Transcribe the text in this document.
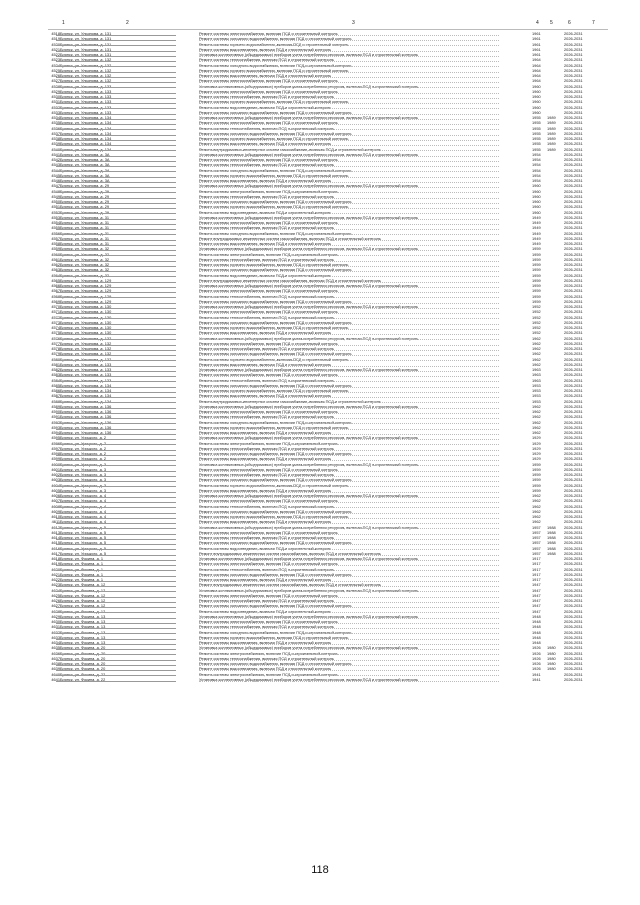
1	2	3	4 5	6	7
4518 Брянск, ул. Ульянова, д. 131	Ремонт системы электроснабжения, включая ПСД и строительный контроль	1961	2026-2031
4519 Брянск, ул. Ульянова, д. 131	Ремонт системы холодного водоснабжения, включая ПСД и строительный контроль	1961	2026-2031
4520 Брянск, ул. Ульянова, д. 131	Ремонт системы горячего водоснабжения, включая ПСД и строительный контроль	1961	2026-2031
4521 Брянск, ул. Ульянова, д. 131	Ремонт системы водоотведения, включая ПСД и строительный контроль	1961	2026-2031
4522 Брянск, ул. Ульянова, д. 131	Установка коллективных (общедомовых) приборов учета потребления ресурсов, включая ПСД и строительный контроль	1961	2026-2031
4523 Брянск, ул. Ульянова, д. 132	Ремонт системы теплоснабжения, включая ПСД и строительный контроль	1964	2026-2031
4524 Брянск, ул. Ульянова, д. 132	Ремонт системы холодного водоснабжения, включая ПСД и строительный контроль	1964	2026-2031
4525 Брянск, ул. Ульянова, д. 132	Ремонт системы горячего водоснабжения, включая ПСД и строительный контроль	1964	2026-2031
4526 Брянск, ул. Ульянова, д. 132	Ремонт системы водоотведения, включая ПСД и строительный контроль	1964	2026-2031
4527 Брянск, ул. Ульянова, д. 132	Ремонт системы электроснабжения, включая ПСД и строительный контроль	1964	2026-2031
4528 Брянск, ул. Ульянова, д. 133	Установка коллективных (общедомовых) приборов учета потребления ресурсов, включая ПСД и строительный контроль	1960	2026-2031
4529 Брянск, ул. Ульянова, д. 133	Ремонт системы электроснабжения, включая ПСД и строительный контроль	1960	2026-2031
4530 Брянск, ул. Ульянова, д. 133	Ремонт системы теплоснабжения, включая ПСД и строительный контроль	1960	2026-2031
4531 Брянск, ул. Ульянова, д. 133	Ремонт системы горячего водоснабжения, включая ПСД и строительный контроль	1960	2026-2031
4532 Брянск, ул. Ульянова, д. 133	Ремонт системы водоотведения, включая ПСД и строительный контроль	1960	2026-2031
4533 Брянск, ул. Ульянова, д. 133	Ремонт системы холодного водоснабжения, включая ПСД и строительный контроль	1960	2026-2031
4534 Брянск, ул. Ульянова, д. 134	Установка коллективных (общедомовых) приборов учета потребления ресурсов, включая ПСД и строительный контроль	1955	1989	2026-2031
4535 Брянск, ул. Ульянова, д. 134	Ремонт системы электроснабжения, включая ПСД и строительный контроль	1955	1989	2026-2031
4536 Брянск, ул. Ульянова, д. 134	Ремонт системы теплоснабжения, включая ПСД и строительный контроль	1955	1989	2026-2031
4537 Брянск, ул. Ульянова, д. 134	Ремонт системы холодного водоснабжения, включая ПСД и строительный контроль	1955	1989	2026-2031
4538 Брянск, ул. Ульянова, д. 134	Ремонт системы горячего водоснабжения, включая ПСД и строительный контроль	1955	1989	2026-2031
4539 Брянск, ул. Ульянова, д. 134	Ремонт системы водоотведения, включая ПСД и строительный контроль	1955	1989	2026-2031
4540 Брянск, ул. Ульянова, д. 134	Ремонт внутридомовых инженерных систем газоснабжения, включая ПСД и строительный контроль	1955	1989	2026-2031
4541 Брянск, ул. Ульянова, д. 3А	Установка коллективных (общедомовых) приборов учета потребления ресурсов, включая ПСД и строительный контроль	1954	2026-2031
4542 Брянск, ул. Ульянова, д. 3А	Ремонт системы электроснабжения, включая ПСД и строительный контроль	1954	2026-2031
4543 Брянск, ул. Ульянова, д. 3А	Ремонт системы теплоснабжения, включая ПСД и строительный контроль	1954	2026-2031
4544 Брянск, ул. Ульянова, д. 3А	Ремонт системы холодного водоснабжения, включая ПСД и строительный контроль	1954	2026-2031
4545 Брянск, ул. Ульянова, д. 3А	Ремонт системы горячего водоснабжения, включая ПСД и строительный контроль	1954	2026-2031
4546 Брянск, ул. Ульянова, д. 3А	Ремонт системы водоотведения, включая ПСД и строительный контроль	1954	2026-2031
4547 Брянск, ул. Ульянова, д. 29	Установка коллективных (общедомовых) приборов учета потребления ресурсов, включая ПСД и строительный контроль	1960	2026-2031
4548 Брянск, ул. Ульянова, д. 29	Ремонт системы электроснабжения, включая ПСД и строительный контроль	1960	2026-2031
4549 Брянск, ул. Ульянова, д. 29	Ремонт системы теплоснабжения, включая ПСД и строительный контроль	1960	2026-2031
4550 Брянск, ул. Ульянова, д. 29	Ремонт системы холодного водоснабжения, включая ПСД и строительный контроль	1960	2026-2031
4551 Брянск, ул. Ульянова, д. 29	Ремонт системы горячего водоснабжения, включая ПСД и строительный контроль	1960	2026-2031
4552 Брянск, ул. Ульянова, д. 29	Ремонт системы водоотведения, включая ПСД и строительный контроль	1960	2026-2031
4553 Брянск, ул. Ульянова, д. 31	Установка коллективных (общедомовых) приборов учета потребления ресурсов, включая ПСД и строительный контроль	1949	2026-2031
4554 Брянск, ул. Ульянова, д. 31	Ремонт системы электроснабжения, включая ПСД и строительный контроль	1949	2026-2031
4555 Брянск, ул. Ульянова, д. 31	Ремонт системы теплоснабжения, включая ПСД и строительный контроль	1949	2026-2031
4556 Брянск, ул. Ульянова, д. 31	Ремонт системы холодного водоснабжения, включая ПСД и строительный контроль	1949	2026-2031
4557 Брянск, ул. Ульянова, д. 31	Ремонт внутридомовых инженерных систем газоснабжения, включая ПСД и строительный контроль	1949	2026-2031
4558 Брянск, ул. Ульянова, д. 31	Ремонт системы водоотведения, включая ПСД и строительный контроль	1949	2026-2031
4559 Брянск, ул. Ульянова, д. 32	Установка коллективных (общедомовых) приборов учета потребления ресурсов, включая ПСД и строительный контроль	1959	2026-2031
4560 Брянск, ул. Ульянова, д. 32	Ремонт системы электроснабжения, включая ПСД и строительный контроль	1959	2026-2031
4561 Брянск, ул. Ульянова, д. 32	Ремонт системы теплоснабжения, включая ПСД и строительный контроль	1959	2026-2031
4562 Брянск, ул. Ульянова, д. 32	Ремонт системы горячего водоснабжения, включая ПСД и строительный контроль	1959	2026-2031
4563 Брянск, ул. Ульянова, д. 32	Ремонт системы холодного водоснабжения, включая ПСД и строительный контроль	1959	2026-2031
4564 Брянск, ул. Ульянова, д. 32	Ремонт системы водоотведения, включая ПСД и строительный контроль	1959	2026-2031
4565 Брянск, ул. Ульянова, д. 129	Ремонт внутридомовых инженерных систем газоснабжения, включая ПСД и строительный контроль	1959	2026-2031
4566 Брянск, ул. Ульянова, д. 129	Установка коллективных (общедомовых) приборов учета потребления ресурсов, включая ПСД и строительный контроль	1959	2026-2031
4567 Брянск, ул. Ульянова, д. 129	Ремонт системы электроснабжения, включая ПСД и строительный контроль	1959	2026-2031
4568 Брянск, ул. Ульянова, д. 129	Ремонт системы теплоснабжения, включая ПСД и строительный контроль	1959	2026-2031
4569 Брянск, ул. Ульянова, д. 129	Ремонт системы холодного водоснабжения, включая ПСД и строительный контроль	1959	2026-2031
4570 Брянск, ул. Ульянова, д. 130	Установка коллективных (общедомовых) приборов учета потребления ресурсов, включая ПСД и строительный контроль	1952	2026-2031
4571 Брянск, ул. Ульянова, д. 130	Ремонт системы электроснабжения, включая ПСД и строительный контроль	1952	2026-2031
4572 Брянск, ул. Ульянова, д. 130	Ремонт системы теплоснабжения, включая ПСД и строительный контроль	1952	2026-2031
4573 Брянск, ул. Ульянова, д. 130	Ремонт системы холодного водоснабжения, включая ПСД и строительный контроль	1952	2026-2031
4574 Брянск, ул. Ульянова, д. 130	Ремонт системы горячего водоснабжения, включая ПСД и строительный контроль	1952	2026-2031
4575 Брянск, ул. Ульянова, д. 130	Ремонт системы водоотведения, включая ПСД и строительный контроль	1952	2026-2031
4576 Брянск, ул. Ульянова, д. 132	Установка коллективных (общедомовых) приборов учета потребления ресурсов, включая ПСД и строительный контроль	1962	2026-2031
4577 Брянск, ул. Ульянова, д. 132	Ремонт системы электроснабжения, включая ПСД и строительный контроль	1962	2026-2031
4578 Брянск, ул. Ульянова, д. 132	Ремонт системы теплоснабжения, включая ПСД и строительный контроль	1962	2026-2031
4579 Брянск, ул. Ульянова, д. 132	Ремонт системы холодного водоснабжения, включая ПСД и строительный контроль	1962	2026-2031
4580 Брянск, ул. Ульянова, д. 132	Ремонт системы горячего водоснабжения, включая ПСД и строительный контроль	1962	2026-2031
4581 Брянск, ул. Ульянова, д. 133	Ремонт системы водоотведения, включая ПСД и строительный контроль	1962	2026-2031
4582 Брянск, ул. Ульянова, д. 133	Установка коллективных (общедомовых) приборов учета потребления ресурсов, включая ПСД и строительный контроль	1963	2026-2031
4583 Брянск, ул. Ульянова, д. 133	Ремонт системы электроснабжения, включая ПСД и строительный контроль	1963	2026-2031
4584 Брянск, ул. Ульянова, д. 133	Ремонт системы теплоснабжения, включая ПСД и строительный контроль	1963	2026-2031
4585 Брянск, ул. Ульянова, д. 134	Ремонт системы холодного водоснабжения, включая ПСД и строительный контроль	1953	2026-2031
4586 Брянск, ул. Ульянова, д. 134	Ремонт системы горячего водоснабжения, включая ПСД и строительный контроль	1953	2026-2031
4587 Брянск, ул. Ульянова, д. 134	Ремонт системы водоотведения, включая ПСД и строительный контроль	1953	2026-2031
4588 Брянск, ул. Ульянова, д. 134	Ремонт внутридомовых инженерных систем газоснабжения, включая ПСД и строительный контроль	1953	2026-2031
4589 Брянск, ул. Ульянова, д. 136	Установка коллективных (общедомовых) приборов учета потребления ресурсов, включая ПСД и строительный контроль	1962	2026-2031
4590 Брянск, ул. Ульянова, д. 136	Ремонт системы электроснабжения, включая ПСД и строительный контроль	1962	2026-2031
4591 Брянск, ул. Ульянова, д. 136	Ремонт системы теплоснабжения, включая ПСД и строительный контроль	1962	2026-2031
4592 Брянск, ул. Ульянова, д. 136	Ремонт системы холодного водоснабжения, включая ПСД и строительный контроль	1962	2026-2031
4593 Брянск, ул. Ульянова, д. 136	Ремонт системы горячего водоснабжения, включая ПСД и строительный контроль	1962	2026-2031
4594 Брянск, ул. Ульянова, д. 136	Ремонт системы водоотведения, включая ПСД и строительный контроль	1962	2026-2031
4595 Брянск, ул. Урицкого, д. 2	Установка коллективных (общедомовых) приборов учета потребления ресурсов, включая ПСД и строительный контроль	1929	2026-2031
4596 Брянск, ул. Урицкого, д. 2	Ремонт системы электроснабжения, включая ПСД и строительный контроль	1929	2026-2031
4597 Брянск, ул. Урицкого, д. 2	Ремонт системы теплоснабжения, включая ПСД и строительный контроль	1929	2026-2031
4598 Брянск, ул. Урицкого, д. 2	Ремонт системы холодного водоснабжения, включая ПСД и строительный контроль	1929	2026-2031
4599 Брянск, ул. Урицкого, д. 2	Ремонт системы водоотведения, включая ПСД и строительный контроль	1929	2026-2031
4600 Брянск, ул. Урицкого, д. 3	Установка коллективных (общедомовых) приборов учета потребления ресурсов, включая ПСД и строительный контроль	1959	2026-2031
4601 Брянск, ул. Урицкого, д. 3	Ремонт системы электроснабжения, включая ПСД и строительный контроль	1959	2026-2031
4602 Брянск, ул. Урицкого, д. 3	Ремонт системы теплоснабжения, включая ПСД и строительный контроль	1959	2026-2031
4603 Брянск, ул. Урицкого, д. 3	Ремонт системы холодного водоснабжения, включая ПСД и строительный контроль	1959	2026-2031
4604 Брянск, ул. Урицкого, д. 3	Ремонт системы горячего водоснабжения, включая ПСД и строительный контроль	1959	2026-2031
4605 Брянск, ул. Урицкого, д. 3	Ремонт системы водоотведения, включая ПСД и строительный контроль	1959	2026-2031
4606 Брянск, ул. Урицкого, д. 4	Установка коллективных (общедомовых) приборов учета потребления ресурсов, включая ПСД и строительный контроль	1962	2026-2031
4607 Брянск, ул. Урицкого, д. 4	Ремонт системы электроснабжения, включая ПСД и строительный контроль	1962	2026-2031
4608 Брянск, ул. Урицкого, д. 4	Ремонт системы теплоснабжения, включая ПСД и строительный контроль	1962	2026-2031
4609 Брянск, ул. Урицкого, д. 4	Ремонт системы холодного водоснабжения, включая ПСД и строительный контроль	1962	2026-2031
4610 Брянск, ул. Урицкого, д. 4	Ремонт системы горячего водоснабжения, включая ПСД и строительный контроль	1962	2026-2031
4611 Брянск, ул. Урицкого, д. 4	Ремонт системы водоотведения, включая ПСД и строительный контроль	1962	2026-2031
4612 Брянск, ул. Урицкого, д. 5	Установка коллективных (общедомовых) приборов учета потребления ресурсов, включая ПСД и строительный контроль	1957	1988	2026-2031
4613 Брянск, ул. Урицкого, д. 5	Ремонт системы электроснабжения, включая ПСД и строительный контроль	1957	1988	2026-2031
4614 Брянск, ул. Урицкого, д. 5	Ремонт системы теплоснабжения, включая ПСД и строительный контроль	1957	1988	2026-2031
4615 Брянск, ул. Урицкого, д. 5	Ремонт системы холодного водоснабжения, включая ПСД и строительный контроль	1957	1988	2026-2031
4616 Брянск, ул. Урицкого, д. 5	Ремонт системы водоотведения, включая ПСД и строительный контроль	1957	1988	2026-2031
4617 Брянск, ул. Урицкого, д. 5	Ремонт внутридомовых инженерных систем газоснабжения, включая ПСД и строительный контроль	1957	1988	2026-2031
4618 Брянск, ул. Фокина, д. 1	Установка коллективных (общедомовых) приборов учета потребления ресурсов, включая ПСД и строительный контроль	1917	2026-2031
4619 Брянск, ул. Фокина, д. 1	Ремонт системы электроснабжения, включая ПСД и строительный контроль	1917	2026-2031
4620 Брянск, ул. Фокина, д. 1	Ремонт системы теплоснабжения, включая ПСД и строительный контроль	1917	2026-2031
4621 Брянск, ул. Фокина, д. 1	Ремонт системы холодного водоснабжения, включая ПСД и строительный контроль	1917	2026-2031
4622 Брянск, ул. Фокина, д. 1	Ремонт системы водоотведения, включая ПСД и строительный контроль	1917	2026-2031
4623 Брянск, ул. Фокина, д. 12	Ремонт внутридомовых инженерных систем газоснабжения, включая ПСД и строительный контроль	1947	2026-2031
4624 Брянск, ул. Фокина, д. 12	Установка коллективных (общедомовых) приборов учета потребления ресурсов, включая ПСД и строительный контроль	1947	2026-2031
4625 Брянск, ул. Фокина, д. 12	Ремонт системы электроснабжения, включая ПСД и строительный контроль	1947	2026-2031
4626 Брянск, ул. Фокина, д. 12	Ремонт системы теплоснабжения, включая ПСД и строительный контроль	1947	2026-2031
4627 Брянск, ул. Фокина, д. 12	Ремонт системы холодного водоснабжения, включая ПСД и строительный контроль	1947	2026-2031
4628 Брянск, ул. Фокина, д. 12	Ремонт системы водоотведения, включая ПСД и строительный контроль	1947	2026-2031
4629 Брянск, ул. Фокина, д. 13	Установка коллективных (общедомовых) приборов учета потребления ресурсов, включая ПСД и строительный контроль	1948	2026-2031
4630 Брянск, ул. Фокина, д. 13	Ремонт системы электроснабжения, включая ПСД и строительный контроль	1948	2026-2031
4631 Брянск, ул. Фокина, д. 13	Ремонт системы теплоснабжения, включая ПСД и строительный контроль	1948	2026-2031
4632 Брянск, ул. Фокина, д. 13	Ремонт системы холодного водоснабжения, включая ПСД и строительный контроль	1948	2026-2031
4633 Брянск, ул. Фокина, д. 13	Ремонт системы горячего водоснабжения, включая ПСД и строительный контроль	1948	2026-2031
4634 Брянск, ул. Фокина, д. 13	Ремонт системы водоотведения, включая ПСД и строительный контроль	1948	2026-2031
4635 Брянск, ул. Фокина, д. 20	Установка коллективных (общедомовых) приборов учета потребления ресурсов, включая ПСД и строительный контроль	1926	1980	2026-2031
4636 Брянск, ул. Фокина, д. 20	Ремонт системы электроснабжения, включая ПСД и строительный контроль	1926	1980	2026-2031
4637 Брянск, ул. Фокина, д. 20	Ремонт системы теплоснабжения, включая ПСД и строительный контроль	1926	1980	2026-2031
4638 Брянск, ул. Фокина, д. 20	Ремонт системы холодного водоснабжения, включая ПСД и строительный контроль	1926	1980	2026-2031
4639 Брянск, ул. Фокина, д. 20	Ремонт системы водоотведения, включая ПСД и строительный контроль	1926	1980	2026-2031
4640 Брянск, ул. Фокина, д. 22	Ремонт системы электроснабжения, включая ПСД и строительный контроль	1941	2026-2031
4641 Брянск, ул. Фокина, д. 22	Установка коллективных (общедомовых) приборов учета потребления ресурсов, включая ПСД и строительный контроль	1941	2026-2031
118
